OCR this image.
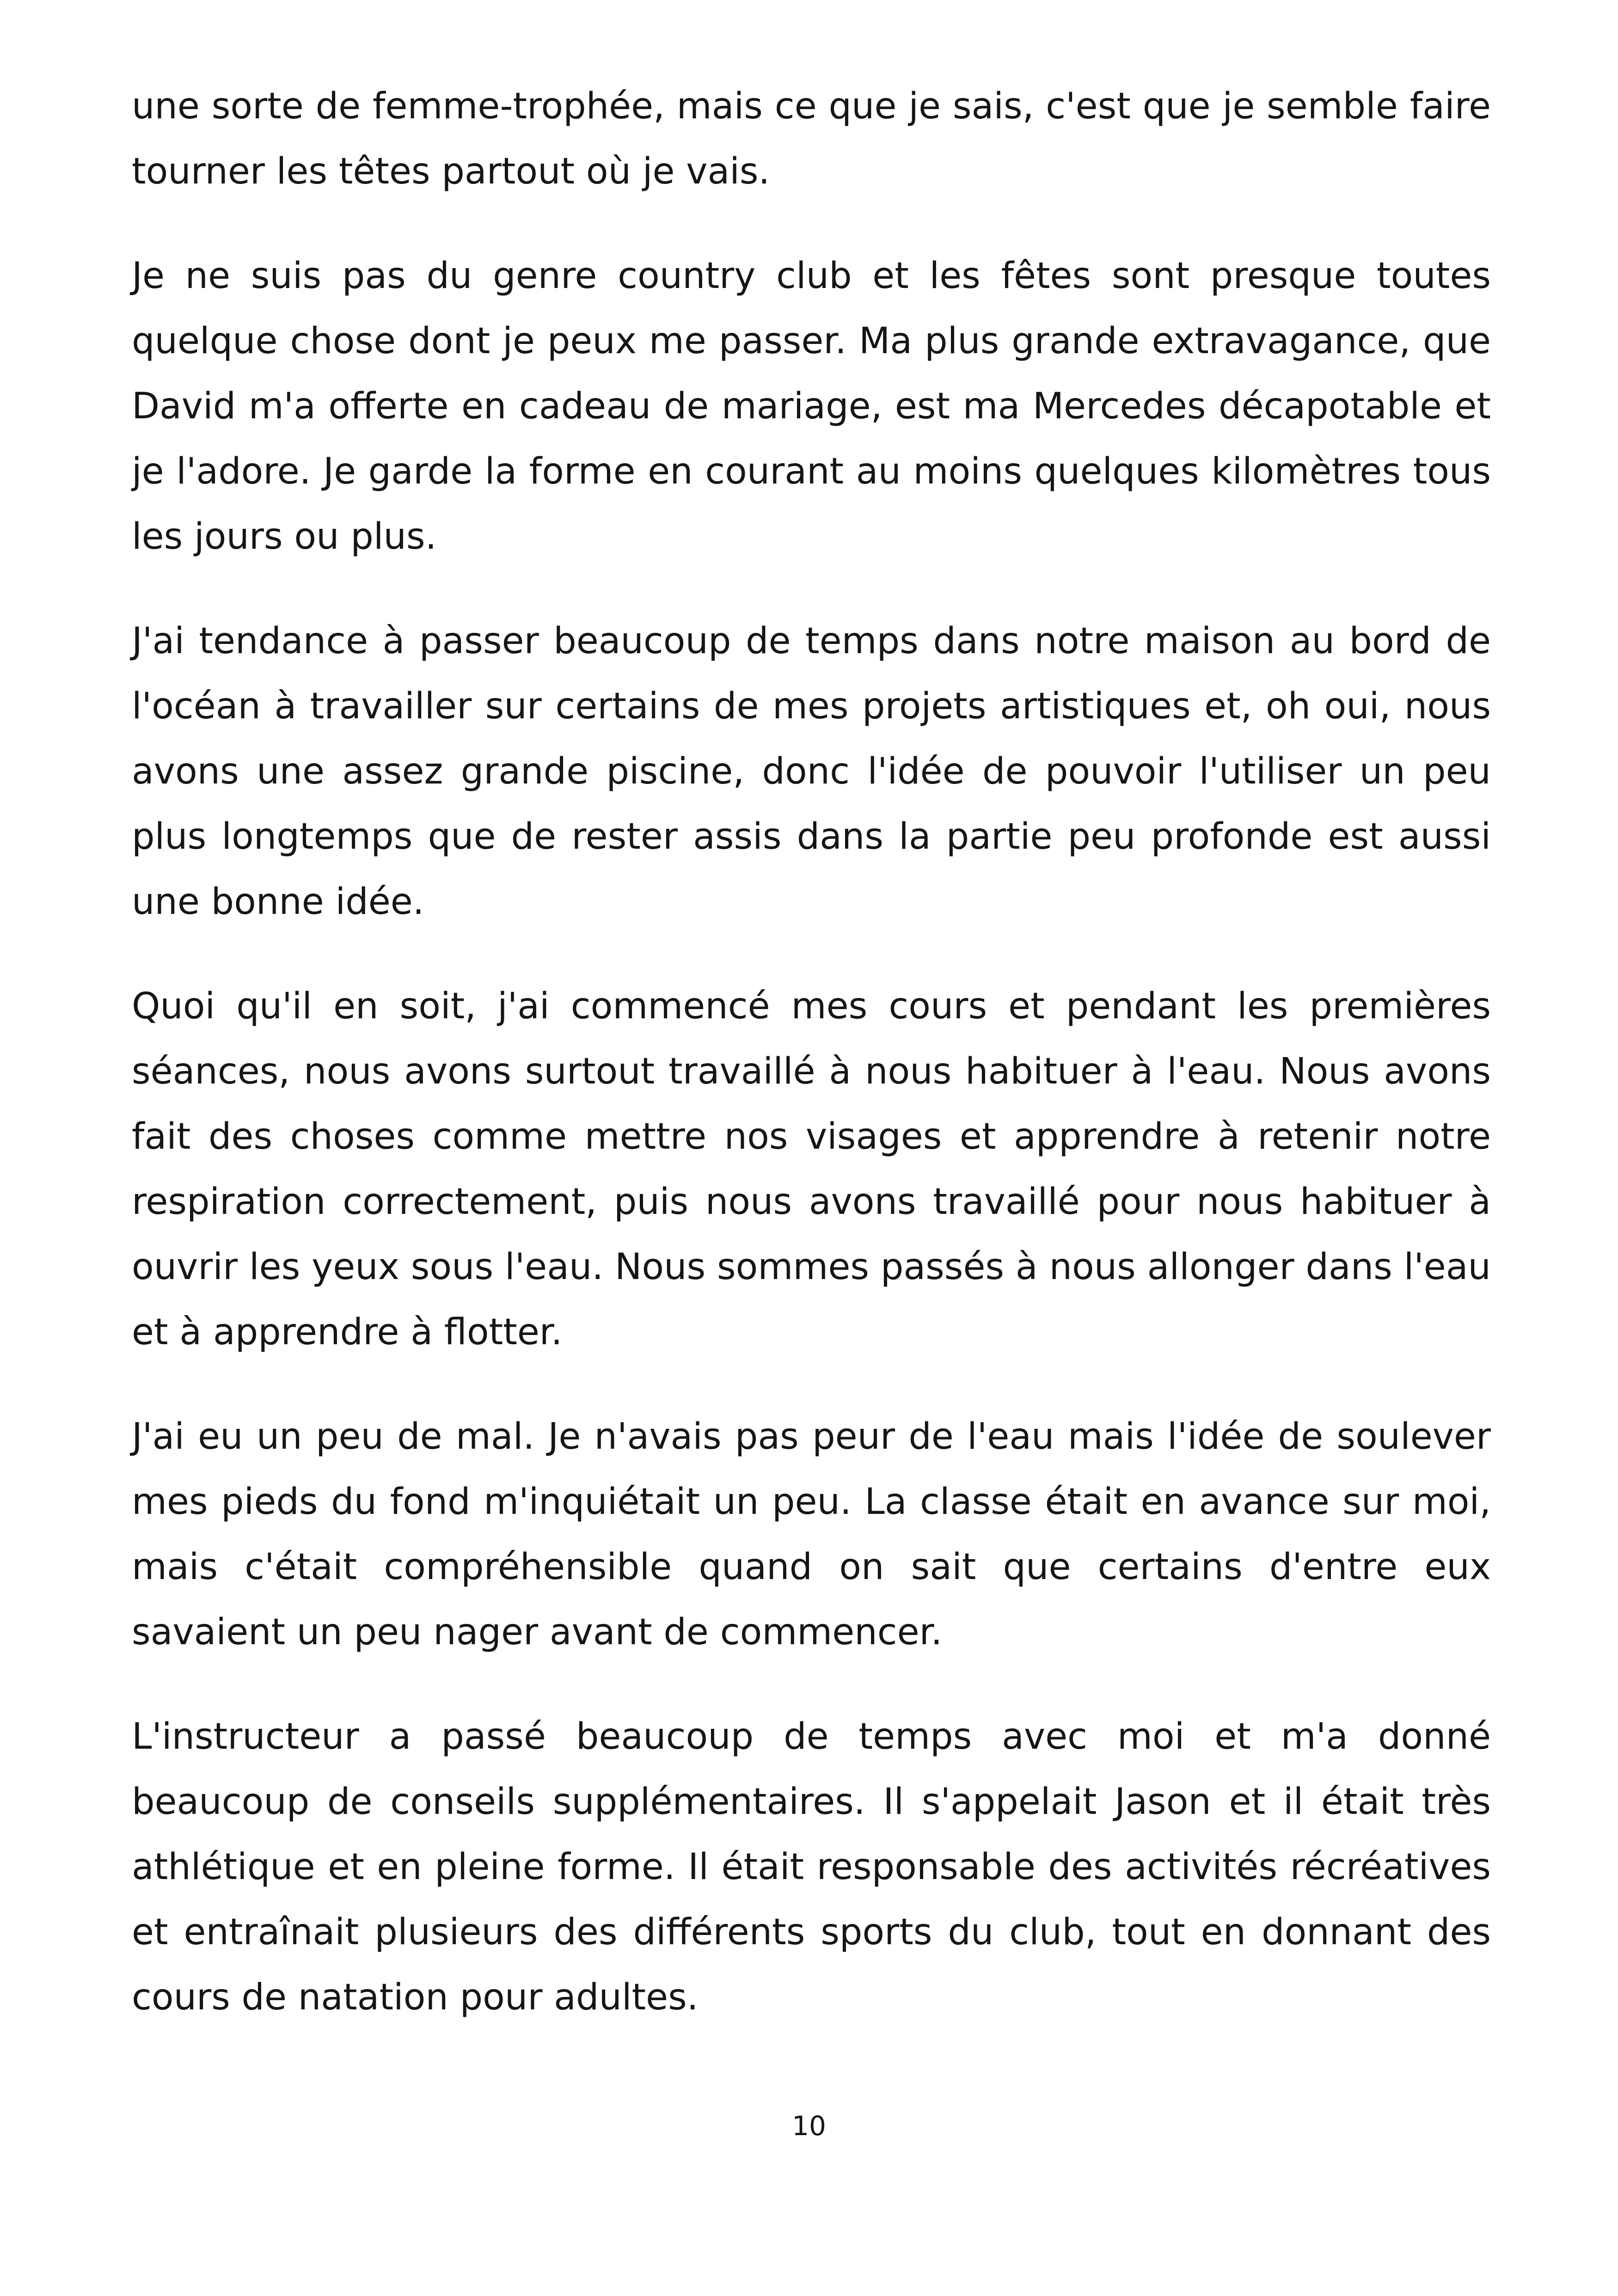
une sorte de femme-trophée, mais ce que je sais, c'est que je semble faire tourner les têtes partout où je vais.

Je ne suis pas du genre country club et les fêtes sont presque toutes quelque chose dont je peux me passer. Ma plus grande extravagance, que David m'a offerte en cadeau de mariage, est ma Mercedes décapotable et je l'adore. Je garde la forme en courant au moins quelques kilomètres tous les jours ou plus.

J'ai tendance à passer beaucoup de temps dans notre maison au bord de l'océan à travailler sur certains de mes projets artistiques et, oh oui, nous avons une assez grande piscine, donc l'idée de pouvoir l'utiliser un peu plus longtemps que de rester assis dans la partie peu profonde est aussi une bonne idée.

Quoi qu'il en soit, j'ai commencé mes cours et pendant les premières séances, nous avons surtout travaillé à nous habituer à l'eau. Nous avons fait des choses comme mettre nos visages et apprendre à retenir notre respiration correctement, puis nous avons travaillé pour nous habituer à ouvrir les yeux sous l'eau. Nous sommes passés à nous allonger dans l'eau et à apprendre à flotter.

J'ai eu un peu de mal. Je n'avais pas peur de l'eau mais l'idée de soulever mes pieds du fond m'inquiétait un peu. La classe était en avance sur moi, mais c'était compréhensible quand on sait que certains d'entre eux savaient un peu nager avant de commencer.

L'instructeur a passé beaucoup de temps avec moi et m'a donné beaucoup de conseils supplémentaires. Il s'appelait Jason et il était très athlétique et en pleine forme. Il était responsable des activités récréatives et entraînait plusieurs des différents sports du club, tout en donnant des cours de natation pour adultes.

10
